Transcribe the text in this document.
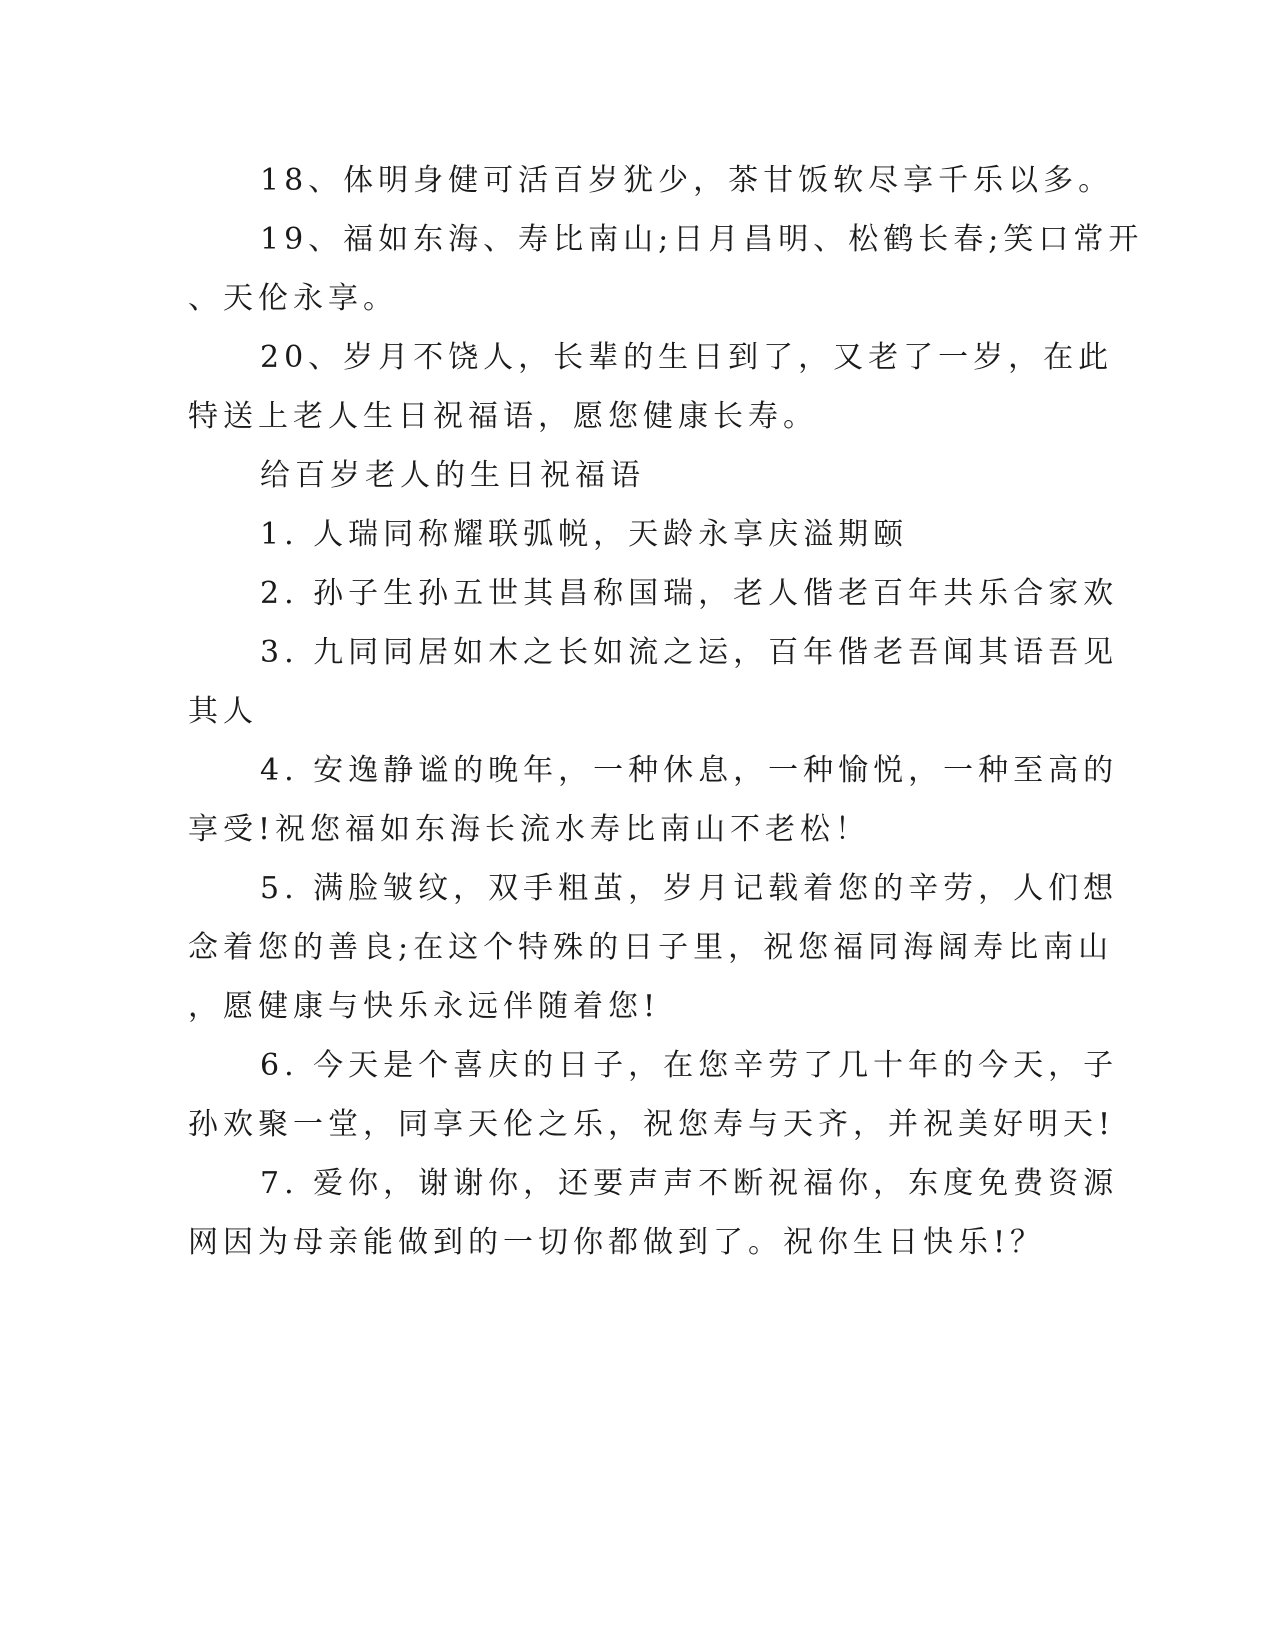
18、体明身健可活百岁犹少，茶甘饭软尽享千乐以多。
19、福如东海、寿比南山;日月昌明、松鹤长春;笑口常开
、天伦永享。
20、岁月不饶人，长辈的生日到了，又老了一岁，在此
特送上老人生日祝福语，愿您健康长寿。
给百岁老人的生日祝福语
1. 人瑞同称耀联弧帨，天龄永享庆溢期颐
2. 孙子生孙五世其昌称国瑞，老人偕老百年共乐合家欢
3. 九同同居如木之长如流之运，百年偕老吾闻其语吾见
其人
4. 安逸静谧的晚年，一种休息，一种愉悦，一种至高的
享受!祝您福如东海长流水寿比南山不老松！
5. 满脸皱纹，双手粗茧，岁月记载着您的辛劳，人们想
念着您的善良;在这个特殊的日子里，祝您福同海阔寿比南山
，愿健康与快乐永远伴随着您!
6. 今天是个喜庆的日子，在您辛劳了几十年的今天，子
孙欢聚一堂，同享天伦之乐，祝您寿与天齐，并祝美好明天!
7. 爱你，谢谢你，还要声声不断祝福你，东度免费资源
网因为母亲能做到的一切你都做到了。祝你生日快乐!？
